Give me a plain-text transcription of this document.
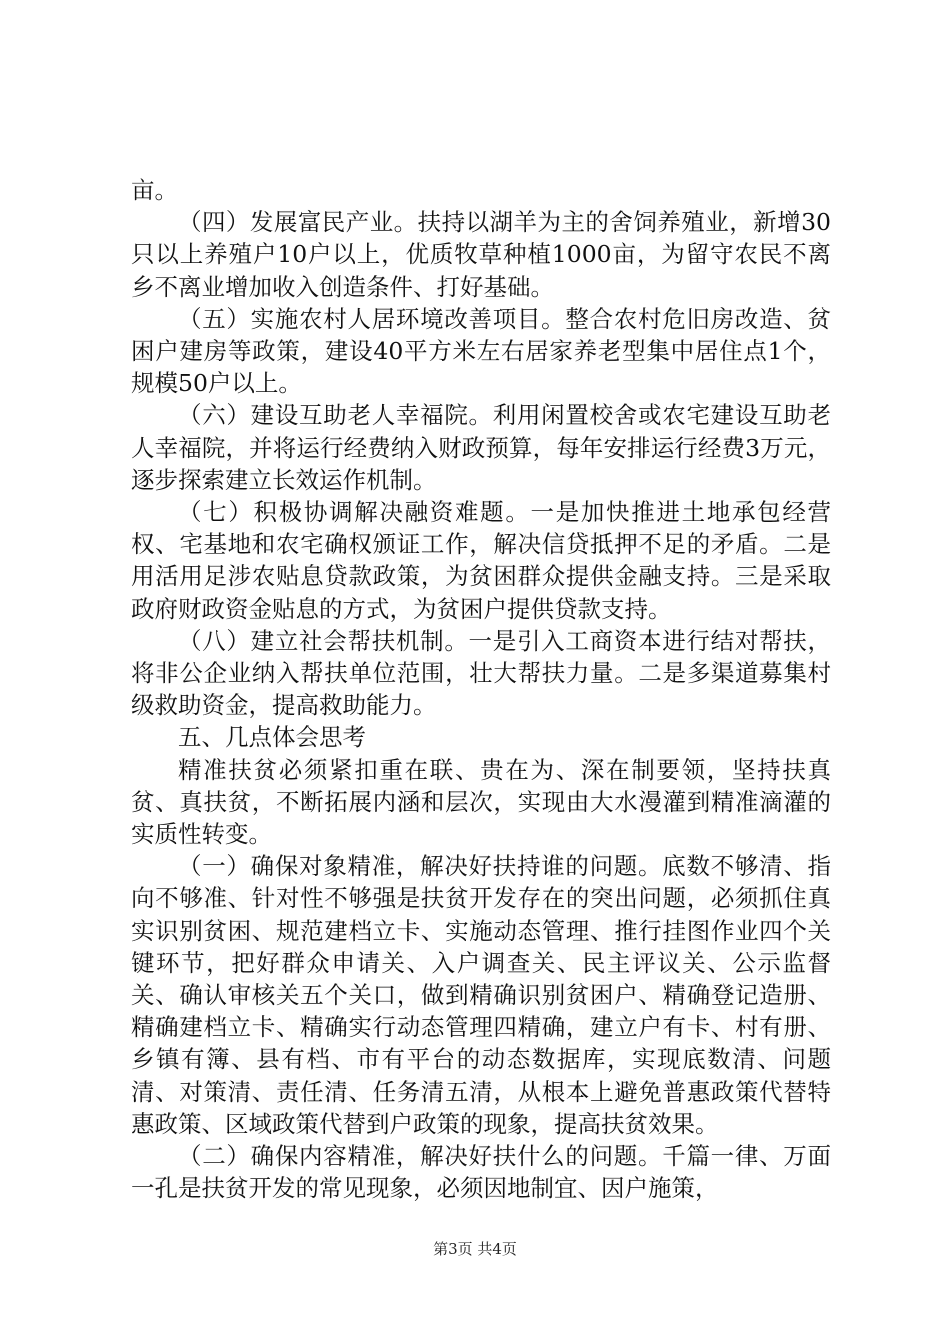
亩。

（四）发展富民产业。扶持以湖羊为主的舍饲养殖业，新增30只以上养殖户10户以上，优质牧草种植1000亩，为留守农民不离乡不离业增加收入创造条件、打好基础。

（五）实施农村人居环境改善项目。整合农村危旧房改造、贫困户建房等政策，建设40平方米左右居家养老型集中居住点1个，规模50户以上。

（六）建设互助老人幸福院。利用闲置校舍或农宅建设互助老人幸福院，并将运行经费纳入财政预算，每年安排运行经费3万元，逐步探索建立长效运作机制。

（七）积极协调解决融资难题。一是加快推进土地承包经营权、宅基地和农宅确权颁证工作，解决信贷抵押不足的矛盾。二是用活用足涉农贴息贷款政策，为贫困群众提供金融支持。三是采取政府财政资金贴息的方式，为贫困户提供贷款支持。

（八）建立社会帮扶机制。一是引入工商资本进行结对帮扶，将非公企业纳入帮扶单位范围，壮大帮扶力量。二是多渠道募集村级救助资金，提高救助能力。

五、几点体会思考

精准扶贫必须紧扣重在联、贵在为、深在制要领，坚持扶真贫、真扶贫，不断拓展内涵和层次，实现由大水漫灌到精准滴灌的实质性转变。

（一）确保对象精准，解决好扶持谁的问题。底数不够清、指向不够准、针对性不够强是扶贫开发存在的突出问题，必须抓住真实识别贫困、规范建档立卡、实施动态管理、推行挂图作业四个关键环节，把好群众申请关、入户调查关、民主评议关、公示监督关、确认审核关五个关口，做到精确识别贫困户、精确登记造册、精确建档立卡、精确实行动态管理四精确，建立户有卡、村有册、乡镇有簿、县有档、市有平台的动态数据库，实现底数清、问题清、对策清、责任清、任务清五清，从根本上避免普惠政策代替特惠政策、区域政策代替到户政策的现象，提高扶贫效果。

（二）确保内容精准，解决好扶什么的问题。千篇一律、万面一孔是扶贫开发的常见现象，必须因地制宜、因户施策，

第3页 共4页
